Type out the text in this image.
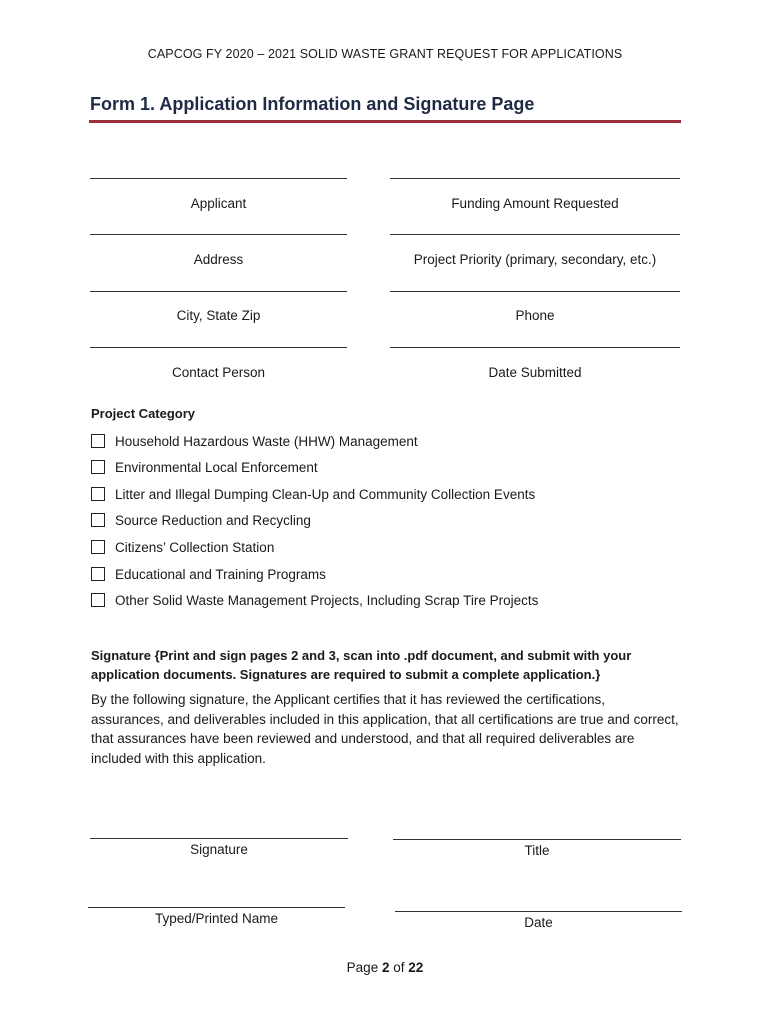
CAPCOG FY 2020 – 2021 SOLID WASTE GRANT REQUEST FOR APPLICATIONS
Form 1. Application Information and Signature Page
Applicant	Funding Amount Requested
Address	Project Priority (primary, secondary, etc.)
City, State Zip	Phone
Contact Person	Date Submitted
Project Category
Household Hazardous Waste (HHW) Management
Environmental Local Enforcement
Litter and Illegal Dumping Clean-Up and Community Collection Events
Source Reduction and Recycling
Citizens’ Collection Station
Educational and Training Programs
Other Solid Waste Management Projects, Including Scrap Tire Projects
Signature {Print and sign pages 2 and 3, scan into .pdf document, and submit with your application documents. Signatures are required to submit a complete application.}
By the following signature, the Applicant certifies that it has reviewed the certifications, assurances, and deliverables included in this application, that all certifications are true and correct, that assurances have been reviewed and understood, and that all required deliverables are included with this application.
Signature	Title
Typed/Printed Name	Date
Page 2 of 22
